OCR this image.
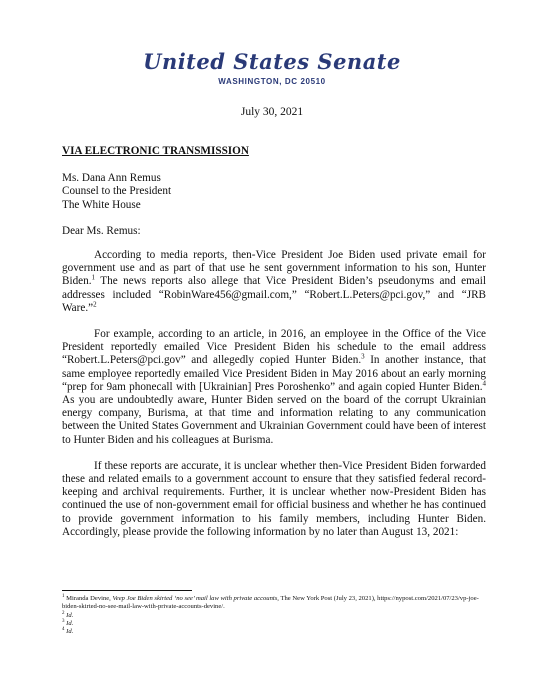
United States Senate
WASHINGTON, DC 20510
July 30, 2021
VIA ELECTRONIC TRANSMISSION
Ms. Dana Ann Remus
Counsel to the President
The White House
Dear Ms. Remus:

According to media reports, then-Vice President Joe Biden used private email for government use and as part of that use he sent government information to his son, Hunter Biden.$^1$ The news reports also allege that Vice President Biden’s pseudonyms and email addresses included “RobinWare456@gmail.com,” “Robert.L.Peters@pci.gov,” and “JRB Ware.”$^2$

For example, according to an article, in 2016, an employee in the Office of the Vice President reportedly emailed Vice President Biden his schedule to the email address “Robert.L.Peters@pci.gov” and allegedly copied Hunter Biden.$^3$ In another instance, that same employee reportedly emailed Vice President Biden in May 2016 about an early morning “prep for 9am phonecall with [Ukrainian] Pres Poroshenko” and again copied Hunter Biden.$^4$ As you are undoubtedly aware, Hunter Biden served on the board of the corrupt Ukrainian energy company, Burisma, at that time and information relating to any communication between the United States Government and Ukrainian Government could have been of interest to Hunter Biden and his colleagues at Burisma.

If these reports are accurate, it is unclear whether then-Vice President Biden forwarded these and related emails to a government account to ensure that they satisfied federal record-keeping and archival requirements. Further, it is unclear whether now-President Biden has continued the use of non-government email for official business and whether he has continued to provide government information to his family members, including Hunter Biden. Accordingly, please provide the following information by no later than August 13, 2021:

$^1$ Miranda Devine, Veep Joe Biden skirted ‘no see’ mail law with private accounts, The New York Post (July 23, 2021), https://nypost.com/2021/07/23/vp-joe-biden-skirted-no-see-mail-law-with-private-accounts-devine/.
$^2$ Id.
$^3$ Id.
$^4$ Id.
